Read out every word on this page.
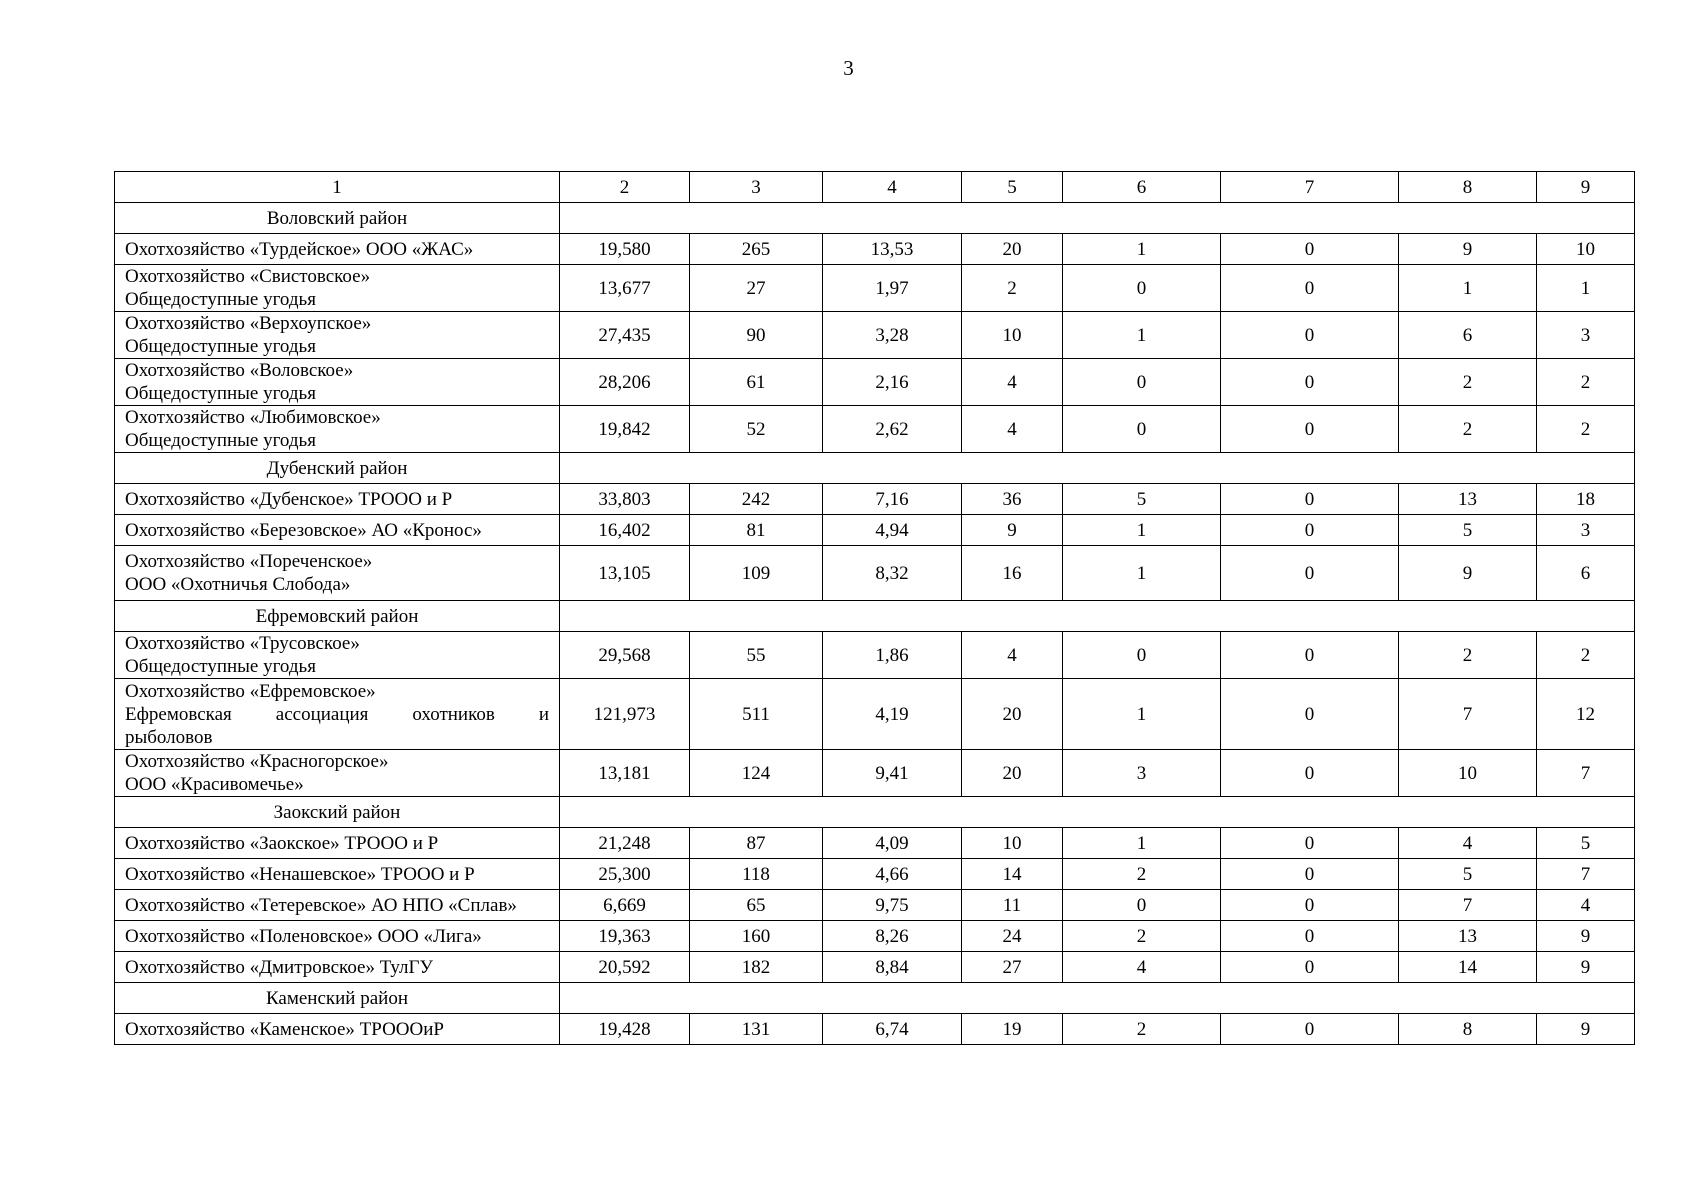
3
1	2	3	4	5	6	7	8	9
Воловский район								

Охотхозяйство «Турдейское» ООО «ЖАС»	19,580	265	13,53	20	1	0	9	10

Охотхозяйство «Свистовское»
Общедоступные угодья	13,677	27	1,97	2	0	0	1	1

Охотхозяйство «Верхоупское»
Общедоступные угодья	27,435	90	3,28	10	1	0	6	3

Охотхозяйство «Воловское»
Общедоступные угодья	28,206	61	2,16	4	0	0	2	2

Охотхозяйство «Любимовское»
Общедоступные угодья	19,842	52	2,62	4	0	0	2	2
Дубенский район								

Охотхозяйство «Дубенское» ТРООО и Р	33,803	242	7,16	36	5	0	13	18

Охотхозяйство «Березовское» АО «Кронос»	16,402	81	4,94	9	1	0	5	3

Охотхозяйство «Пореченское»
ООО «Охотничья Слобода»	13,105	109	8,32	16	1	0	9	6
Ефремовский район								

Охотхозяйство «Трусовское»
Общедоступные угодья	29,568	55	1,86	4	0	0	2	2

Охотхозяйство «Ефремовское»
Ефремовская ассоциация охотников и
рыболовов	121,973	511	4,19	20	1	0	7	12

Охотхозяйство «Красногорское»
ООО «Красивомечье»	13,181	124	9,41	20	3	0	10	7
Заокский район								

Охотхозяйство «Заокское» ТРООО и Р	21,248	87	4,09	10	1	0	4	5

Охотхозяйство «Ненашевское» ТРООО и Р	25,300	118	4,66	14	2	0	5	7

Охотхозяйство «Тетеревское» АО НПО «Сплав»	6,669	65	9,75	11	0	0	7	4

Охотхозяйство «Поленовское» ООО «Лига»	19,363	160	8,26	24	2	0	13	9

Охотхозяйство «Дмитровское» ТулГУ	20,592	182	8,84	27	4	0	14	9
Каменский район								

Охотхозяйство «Каменское» ТРОООиР	19,428	131	6,74	19	2	0	8	9
